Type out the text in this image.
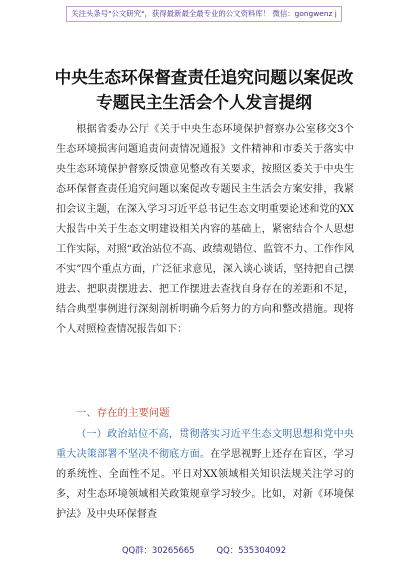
关注头条号"公文研究"，获得最新最全最专业的公文资料库！ 微信：gongwenz j
中央生态环保督查责任追究问题以案促改
专题民主生活会个人发言提纲
根据省委办公厅《关于中央生态环境保护督察办公室移交3个生态环境损害问题追责问责情况通报》文件精神和市委关于落实中央生态环境保护督察反馈意见整改有关要求，按照区委关于中央生态环保督查责任追究问题以案促改专题民主生活会方案安排，我紧扣会议主题，在深入学习习近平总书记生态文明重要论述和党的XX大报告中关于生态文明建设相关内容的基础上，紧密结合个人思想工作实际，对照“政治站位不高、政绩观错位、监管不力、工作作风不实”四个重点方面，广泛征求意见，深入谈心谈话，坚持把自己摆进去、把职责摆进去、把工作摆进去查找自身存在的差距和不足，结合典型事例进行深刻剖析明确今后努力的方向和整改措施。现将个人对照检查情况报告如下：
一、存在的主要问题
（一）政治站位不高，贯彻落实习近平生态文明思想和党中央重大决策部署不坚决不彻底方面。在学思视野上还存在盲区，学习的系统性、全面性不足。平日对XX领域相关知识法规关注学习的多，对生态环境领域相关政策规章学习较少。比如，对新《环境保护法》及中央环保督查
QQ群：30265665	QQ：535304092
